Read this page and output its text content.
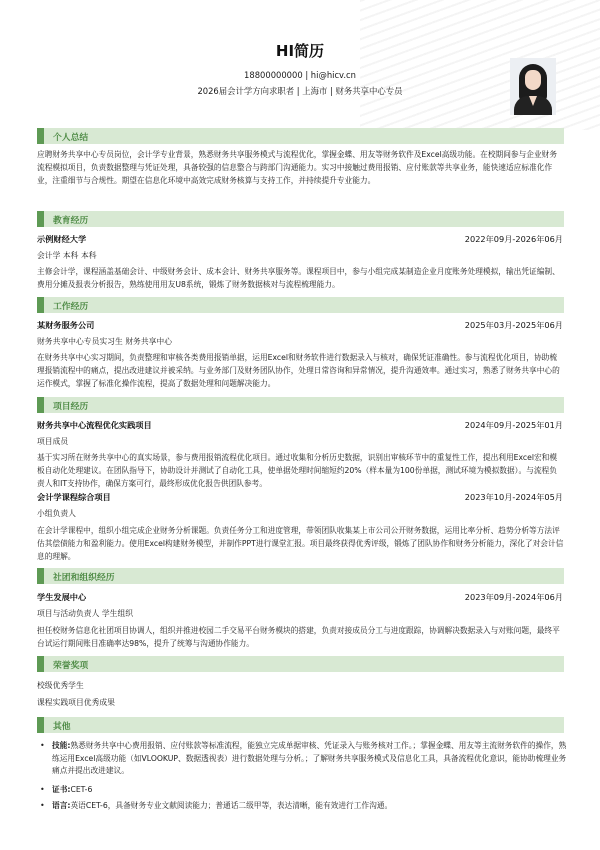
HI简历
18800000000 | hi@hicv.cn
2026届会计学方向求职者 | 上海市 | 财务共享中心专员
个人总结
应聘财务共享中心专员岗位，会计学专业背景，熟悉财务共享服务模式与流程优化，掌握金蝶、用友等财务软件及Excel高级功能。在校期间参与企业财务流程模拟项目，负责数据整理与凭证处理，具备较强的信息整合与跨部门沟通能力。实习中接触过费用报销、应付账款等共享业务，能快速适应标准化作业，注重细节与合规性。期望在信息化环境中高效完成财务核算与支持工作，并持续提升专业能力。
教育经历
示例财经大学	2022年09月-2026年06月
会计学 本科 本科
主修会计学，课程涵盖基础会计、中级财务会计、成本会计、财务共享服务等。课程项目中，参与小组完成某制造企业月度账务处理模拟，输出凭证编制、费用分摊及报表分析报告，熟练使用用友U8系统，锻炼了财务数据核对与流程梳理能力。
工作经历
某财务服务公司	2025年03月-2025年06月
财务共享中心专员实习生 财务共享中心
在财务共享中心实习期间，负责整理和审核各类费用报销单据，运用Excel和财务软件进行数据录入与核对，确保凭证准确性。参与流程优化项目，协助梳理报销流程中的痛点，提出改进建议并被采纳。与业务部门及财务团队协作，处理日常咨询和异常情况，提升沟通效率。通过实习，熟悉了财务共享中心的运作模式，掌握了标准化操作流程，提高了数据处理和问题解决能力。
项目经历
财务共享中心流程优化实践项目	2024年09月-2025年01月
项目成员
基于实习所在财务共享中心的真实场景，参与费用报销流程优化项目。通过收集和分析历史数据，识别出审核环节中的重复性工作，提出利用Excel宏和模板自动化处理建议。在团队指导下，协助设计并测试了自动化工具，使单据处理时间缩短约20%（样本量为100份单据，测试环境为模拟数据）。与流程负责人和IT支持协作，确保方案可行，最终形成优化报告供团队参考。
会计学课程综合项目	2023年10月-2024年05月
小组负责人
在会计学课程中，组织小组完成企业财务分析课题。负责任务分工和进度管理，带领团队收集某上市公司公开财务数据，运用比率分析、趋势分析等方法评估其偿债能力和盈利能力。使用Excel构建财务模型，并制作PPT进行课堂汇报。项目最终获得优秀评级，锻炼了团队协作和财务分析能力，深化了对会计信息的理解。
社团和组织经历
学生发展中心	2023年09月-2024年06月
项目与活动负责人 学生组织
担任校财务信息化社团项目协调人，组织并推进校园二手交易平台财务模块的搭建，负责对接成员分工与进度跟踪，协调解决数据录入与对账问题，最终平台试运行期间账目准确率达98%，提升了统筹与沟通协作能力。
荣誉奖项
校级优秀学生
课程实践项目优秀成果
其他
• 技能:熟悉财务共享中心费用报销、应付账款等标准流程，能独立完成单据审核、凭证录入与账务核对工作。；掌握金蝶、用友等主流财务软件的操作，熟练运用Excel高级功能（如VLOOKUP、数据透视表）进行数据处理与分析。；了解财务共享服务模式及信息化工具，具备流程优化意识，能协助梳理业务痛点并提出改进建议。
• 证书:CET-6
• 语言:英语CET-6，具备财务专业文献阅读能力；普通话二级甲等，表达清晰，能有效进行工作沟通。
